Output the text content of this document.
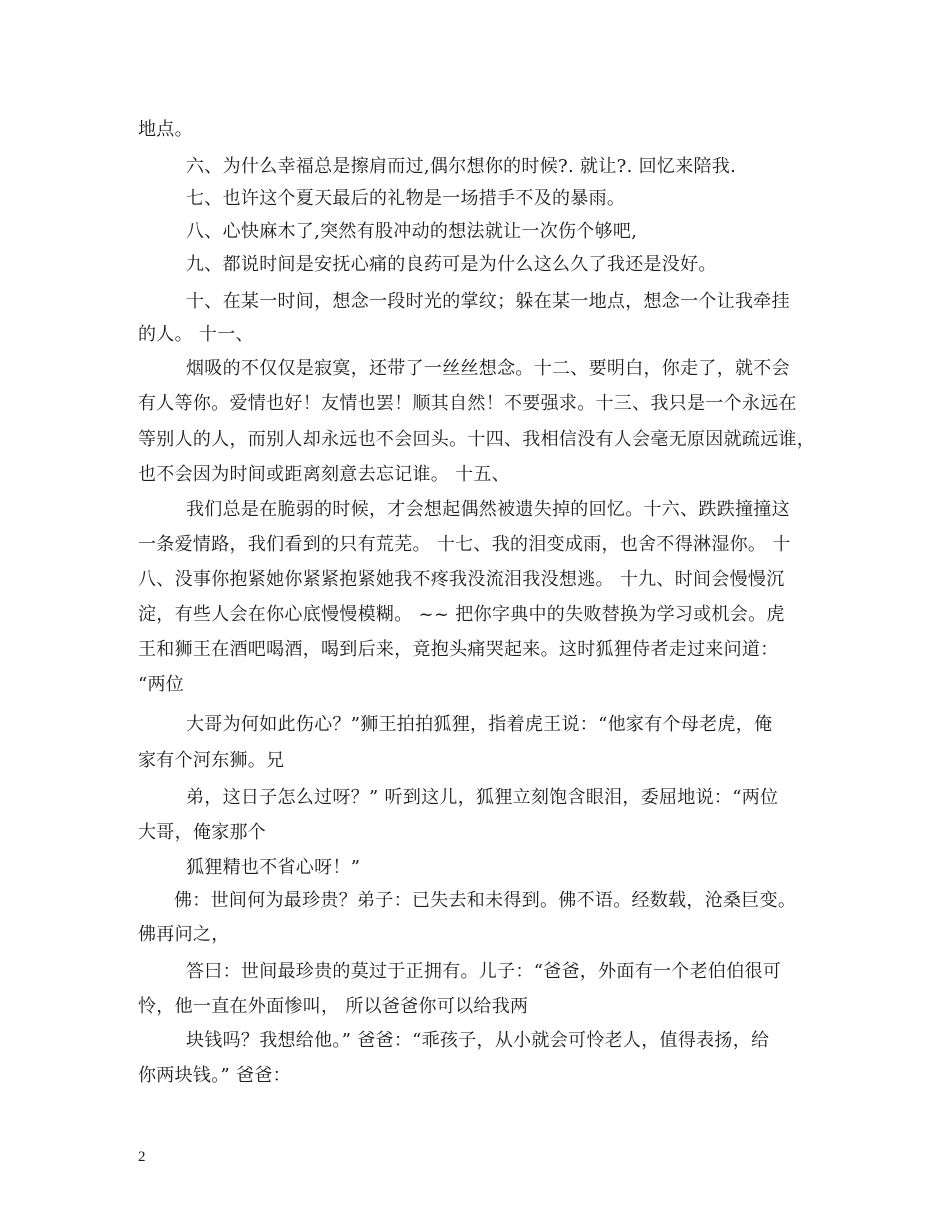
地点。
六、为什么幸福总是擦肩而过,偶尔想你的时候?. 就让?. 回忆来陪我.
七、也许这个夏天最后的礼物是一场措手不及的暴雨。
八、心快麻木了,突然有股冲动的想法就让一次伤个够吧,
九、都说时间是安抚心痛的良药可是为什么这么久了我还是没好。
十、在某一时间，想念一段时光的掌纹；躲在某一地点，想念一个让我牵挂
的人。 十一、
烟吸的不仅仅是寂寞，还带了一丝丝想念。十二、要明白，你走了，就不会
有人等你。爱情也好！友情也罢！顺其自然！不要强求。十三、我只是一个永远在
等别人的人，而别人却永远也不会回头。十四、我相信没有人会毫无原因就疏远谁，
也不会因为时间或距离刻意去忘记谁。 十五、
我们总是在脆弱的时候，才会想起偶然被遗失掉的回忆。十六、跌跌撞撞这
一条爱情路，我们看到的只有荒芜。 十七、我的泪变成雨，也舍不得淋湿你。 十
八、没事你抱紧她你紧紧抱紧她我不疼我没流泪我没想逃。 十九、时间会慢慢沉
淀，有些人会在你心底慢慢模糊。 ~~ 把你字典中的失败替换为学习或机会。虎
王和狮王在酒吧喝酒，喝到后来，竟抱头痛哭起来。这时狐狸侍者走过来问道：
“两位
大哥为何如此伤心？”狮王拍拍狐狸，指着虎王说：“他家有个母老虎，俺
家有个河东狮。兄
弟，这日子怎么过呀？” 听到这儿，狐狸立刻饱含眼泪，委屈地说：“两位
大哥，俺家那个
狐狸精也不省心呀！”
佛：世间何为最珍贵？弟子：已失去和未得到。佛不语。经数载，沧桑巨变。
佛再问之，
答曰：世间最珍贵的莫过于正拥有。儿子：“爸爸，外面有一个老伯伯很可
怜，他一直在外面惨叫， 所以爸爸你可以给我两
块钱吗？我想给他。” 爸爸：“乖孩子，从小就会可怜老人，值得表扬，给
你两块钱。” 爸爸：
2
